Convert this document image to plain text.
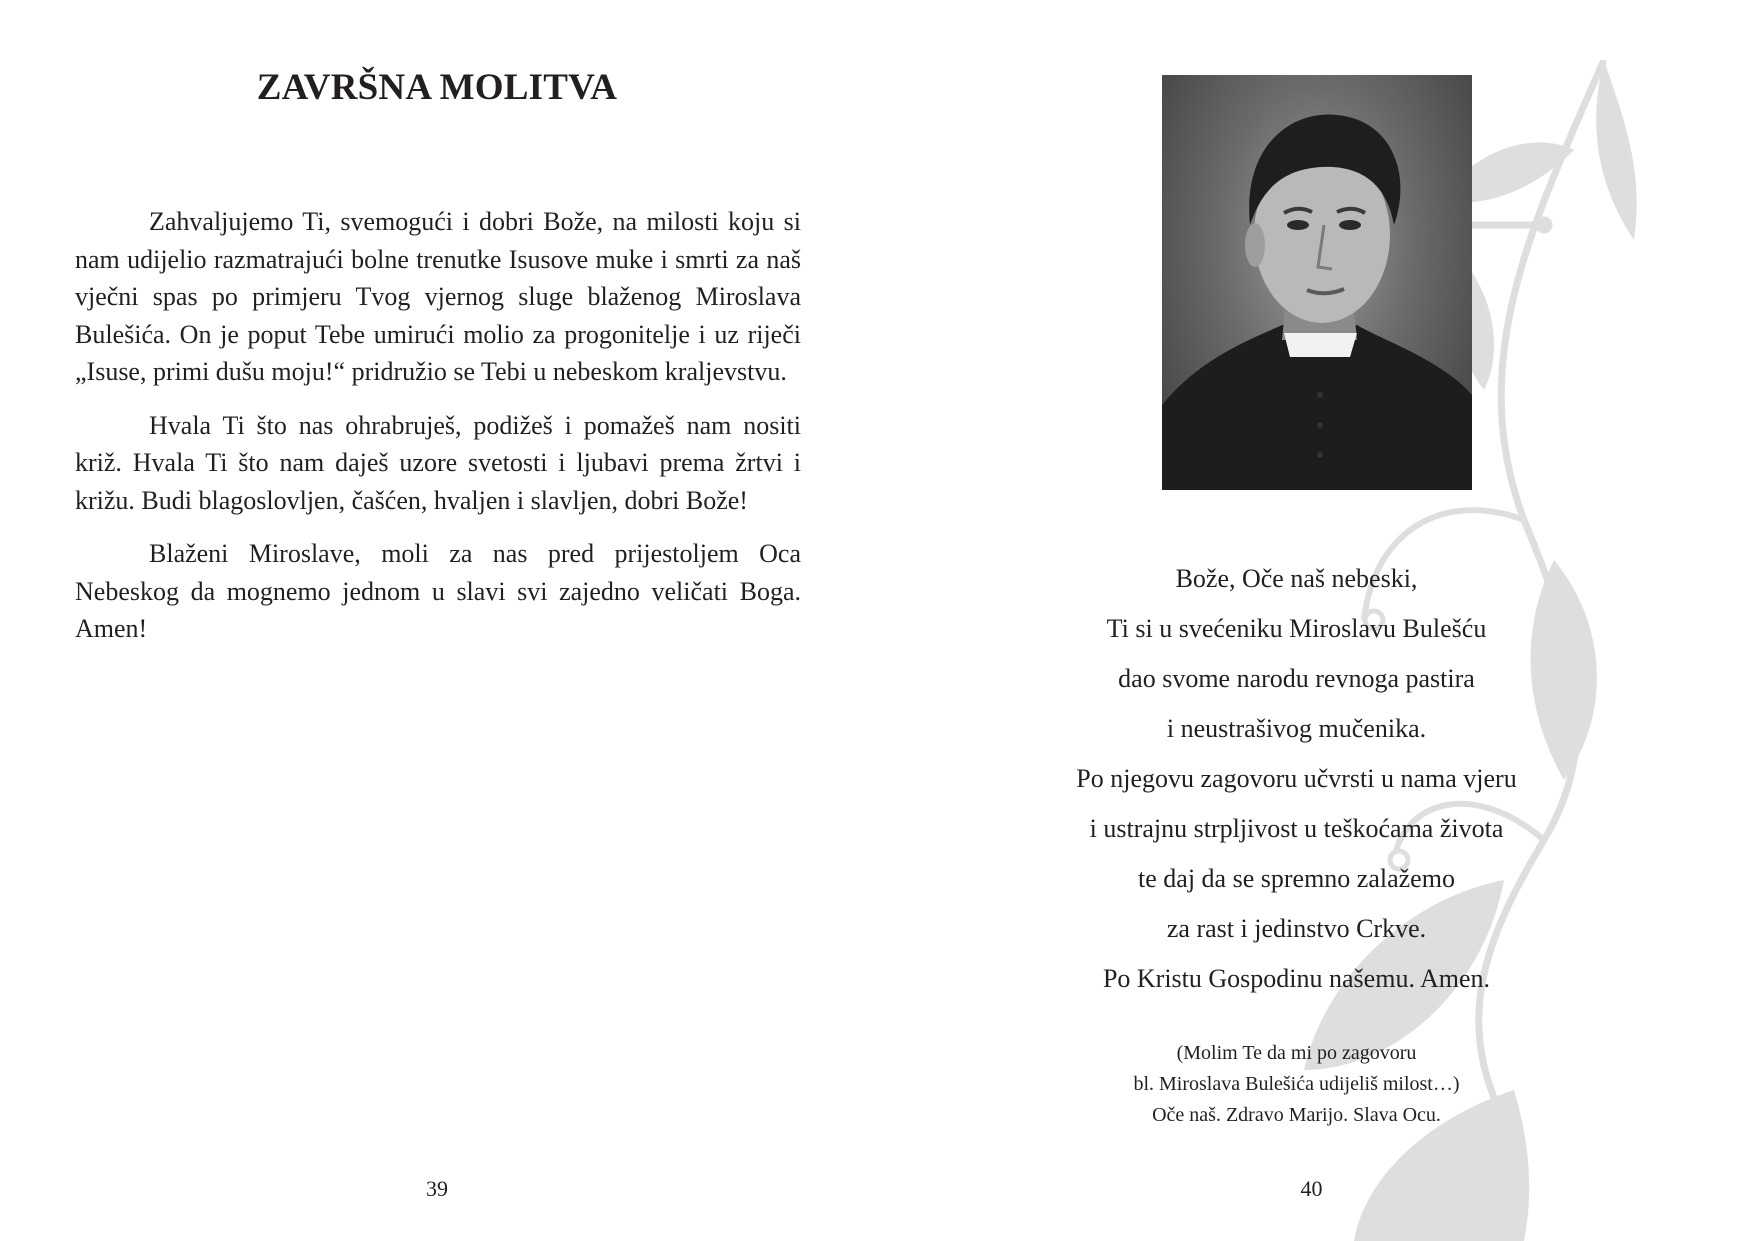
ZAVRŠNA MOLITVA

Zahvaljujemo Ti, svemogući i dobri Bože, na milosti koju si nam udijelio razmatrajući bolne trenutke Isusove muke i smrti za naš vječni spas po primjeru Tvog vjernog sluge blaženog Miroslava Bulešića. On je poput Tebe umirući molio za progonitelje i uz riječi „Isuse, primi dušu moju!“ pridružio se Tebi u nebeskom kraljevstvu.

Hvala Ti što nas ohrabruješ, podižeš i pomažeš nam nositi križ. Hvala Ti što nam daješ uzore svetosti i ljubavi prema žrtvi i križu. Budi blagoslovljen, čašćen, hvaljen i slavljen, dobri Bože!

Blaženi Miroslave, moli za nas pred prijestoljem Oca Nebeskog da mognemo jednom u slavi svi zajedno veličati Boga. Amen!

39
Bože, Oče naš nebeski,
Ti si u svećeniku Miroslavu Bulešću
dao svome narodu revnoga pastira
i neustrašivog mučenika.
Po njegovu zagovoru učvrsti u nama vjeru
i ustrajnu strpljivost u teškoćama života
te daj da se spremno zalažemo
za rast i jedinstvo Crkve.
Po Kristu Gospodinu našemu. Amen.
(Molim Te da mi po zagovoru
bl. Miroslava Bulešića udijeliš milost…)
Oče naš. Zdravo Marijo. Slava Ocu.
40
